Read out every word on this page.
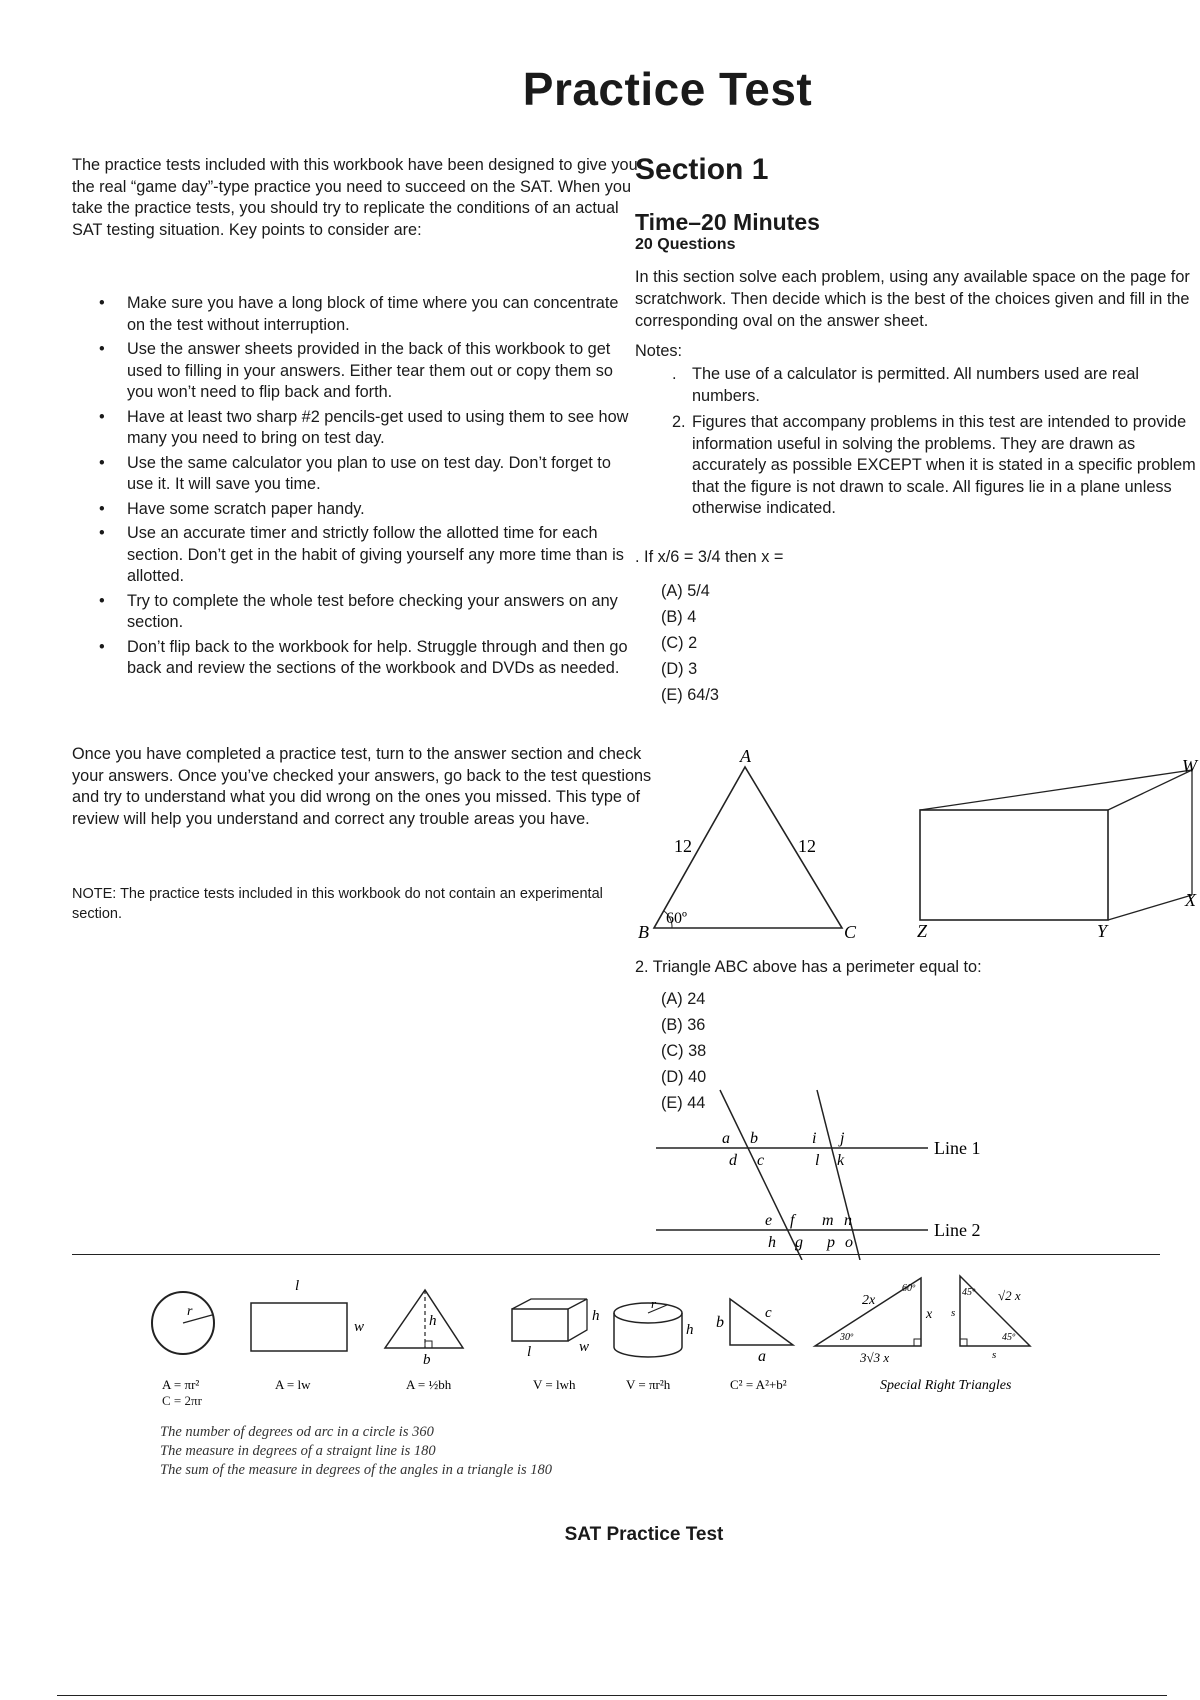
Practice Test
The practice tests included with this workbook have been designed to give you the real “game day”-type practice you need to succeed on the SAT. When you take the practice tests, you should try to replicate the conditions of an actual SAT testing situation. Key points to consider are:
• Make sure you have a long block of time where you can concentrate on the test without interruption.
• Use the answer sheets provided in the back of this workbook to get used to filling in your answers. Either tear them out or copy them so you won’t need to flip back and forth.
• Have at least two sharp #2 pencils-get used to using them to see how many you need to bring on test day.
• Use the same calculator you plan to use on test day. Don’t forget to use it. It will save you time.
• Have some scratch paper handy.
• Use an accurate timer and strictly follow the allotted time for each section. Don’t get in the habit of giving yourself any more time than is allotted.
• Try to complete the whole test before checking your answers on any section.
• Don’t flip back to the workbook for help. Struggle through and then go back and review the sections of the workbook and DVDs as needed.
Once you have completed a practice test, turn to the answer section and check your answers. Once you’ve checked your answers, go back to the test questions and try to understand what you did wrong on the ones you missed. This type of review will help you understand and correct any trouble areas you have.
NOTE: The practice tests included in this workbook do not contain an experimental section.
Section 1
Time–20 Minutes
20 Questions
In this section solve each problem, using any available space on the page for scratchwork. Then decide which is the best of the choices given and fill in the corresponding oval on the answer sheet.
Notes:
. The use of a calculator is permitted. All numbers used are real numbers.
2. Figures that accompany problems in this test are intended to provide information useful in solving the problems. They are drawn as accurately as possible EXCEPT when it is stated in a specific problem that the figure is not drawn to scale. All figures lie in a plane unless otherwise indicated.
. If x/6 = 3/4 then x =
(A) 5/4
(B) 4
(C) 2
(D) 3
(E) 64/3
A
B	C
12	12
60º
W
X
Y
Z
2. Triangle ABC above has a perimeter equal to:
(A) 24
(B) 36
(C) 38
(D) 40
(E) 44
Line 1
Line 2
a b
c
d
i j
k
l
e f
g
h
m n
o
p
r
A = πr²
l
w
A = lw
h
b
A = ½bh
h
l	w
V = lwh
r
h
V = πr²h
b
c
a
C² = A²+b²
2x
60º
30º
x
3√3 x
45º
45º
s
s
√2 x
Special Right Triangles
C = 2πr
The number of degrees od arc in a circle is 360
The measure in degrees of a straignt line is 180
The sum of the measure in degrees of the angles in a triangle is 180
SAT Practice Test
